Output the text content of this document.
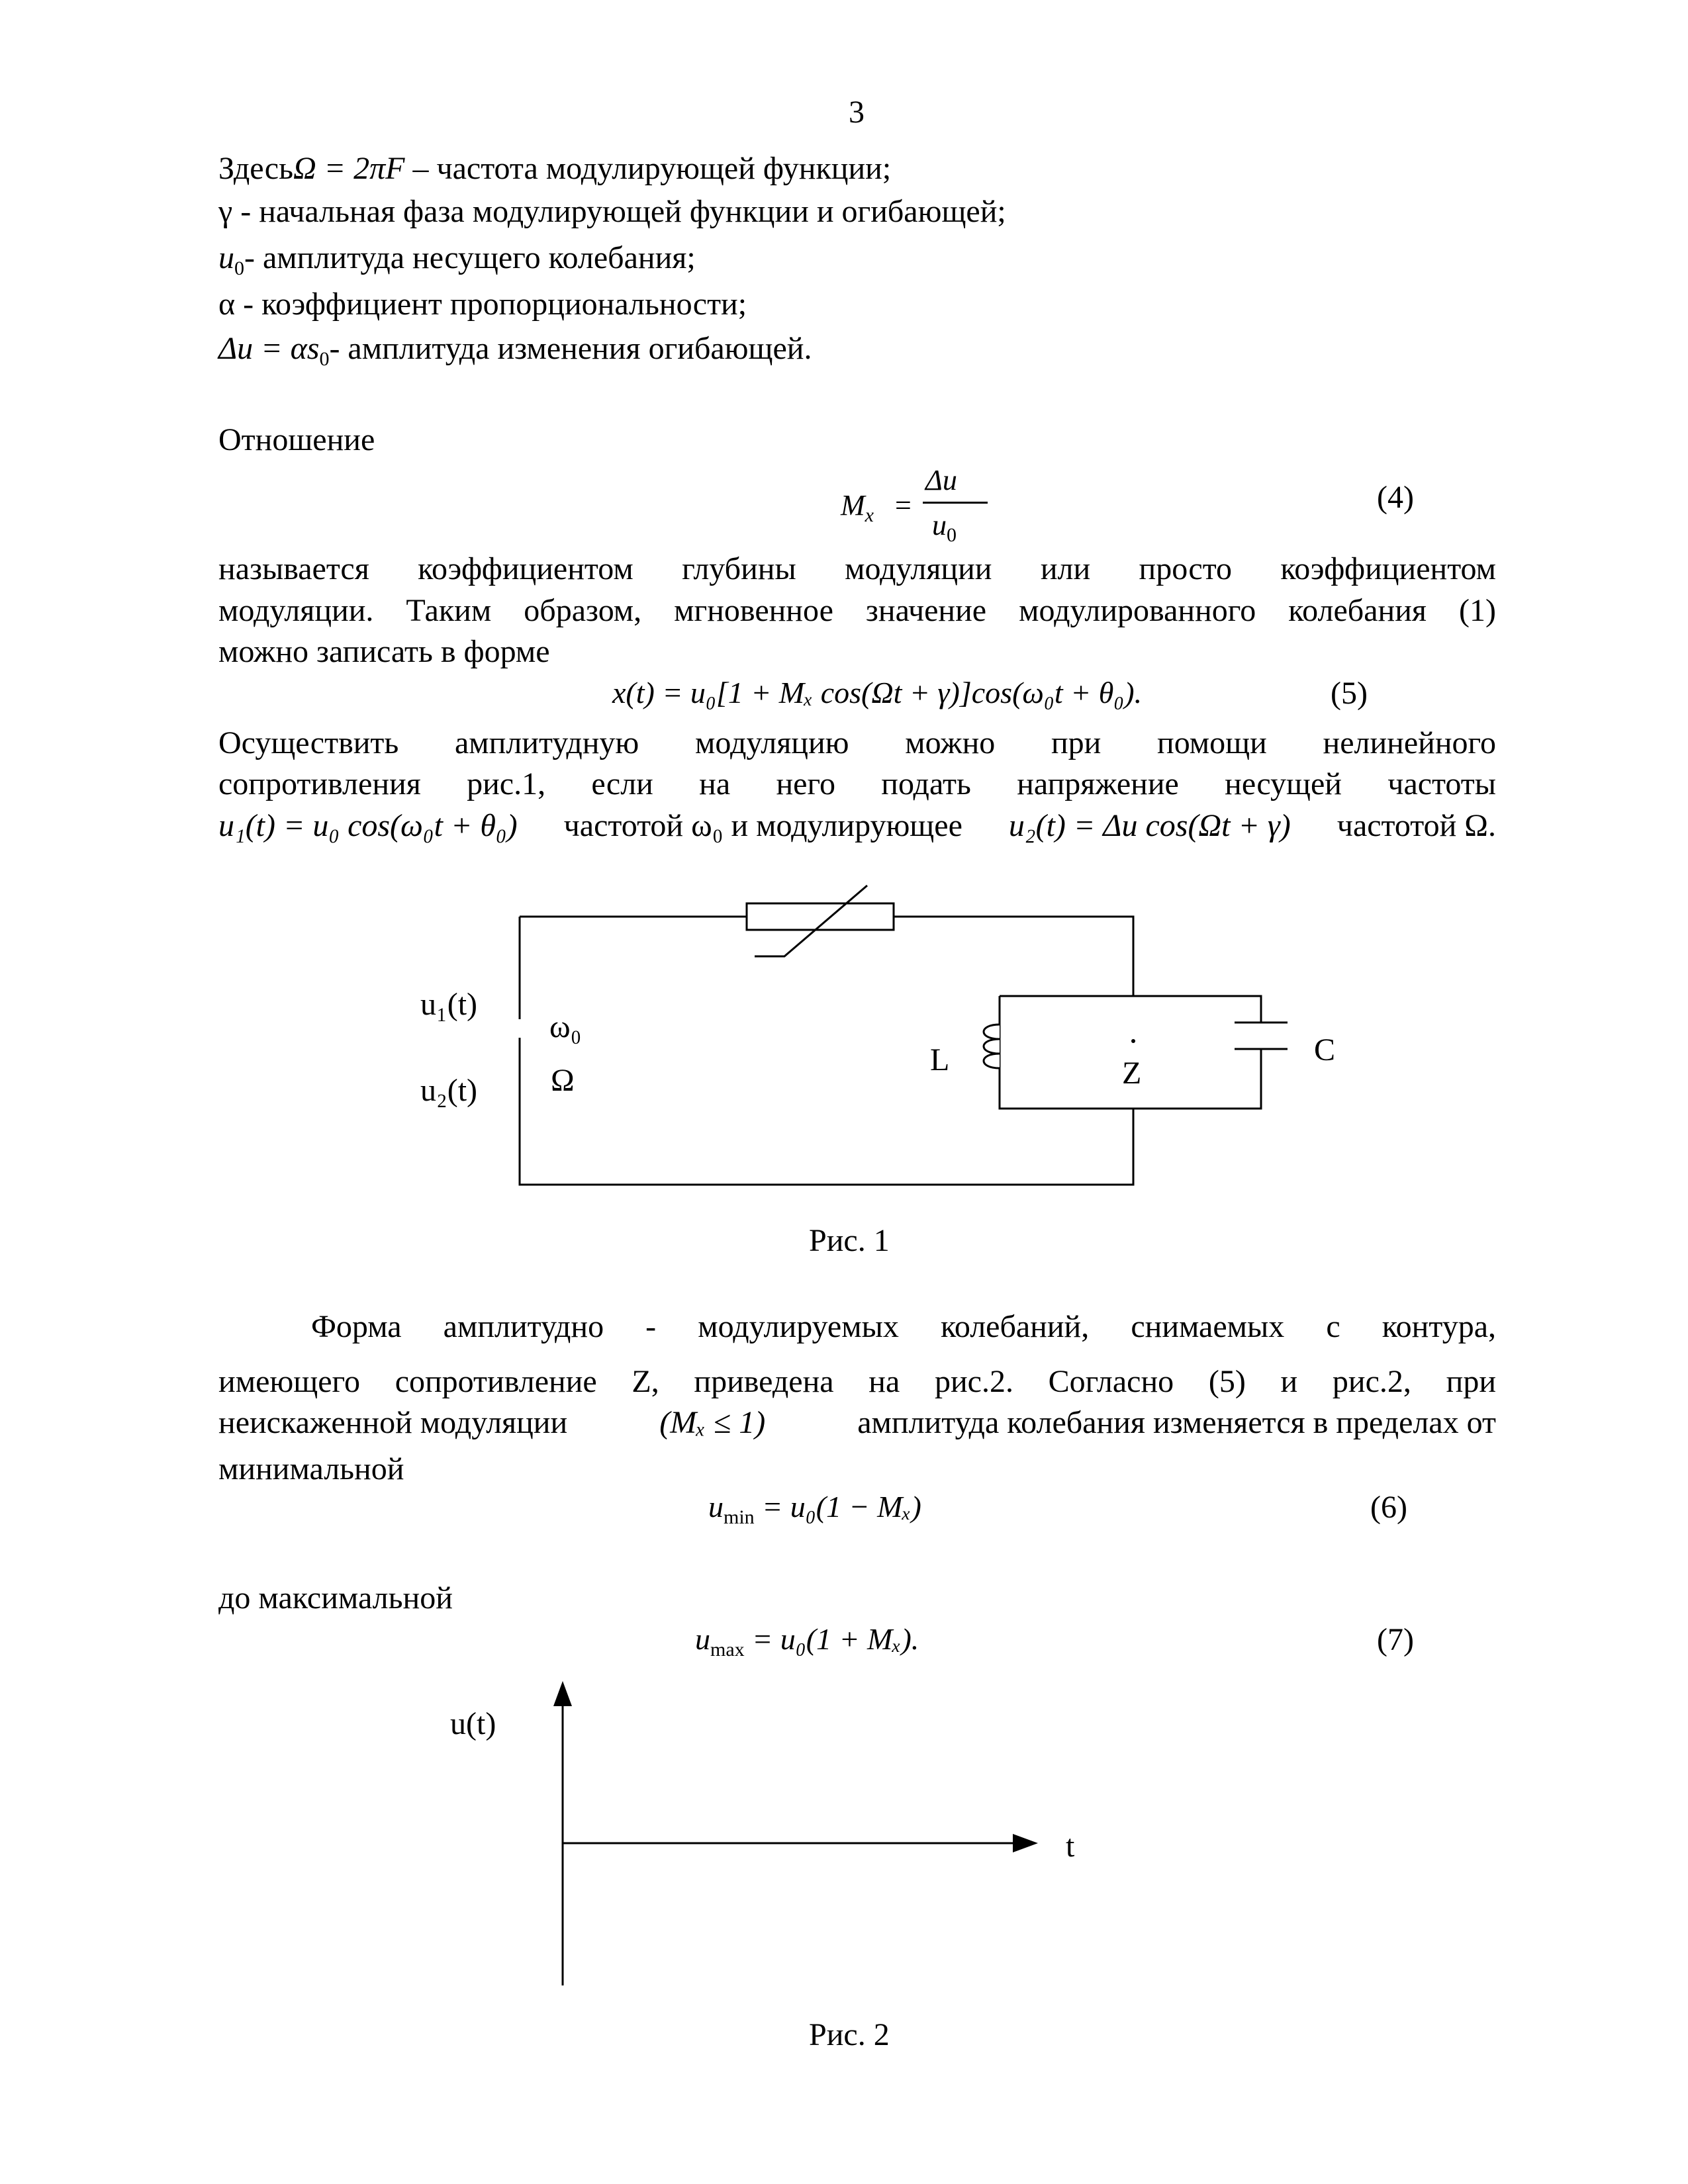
3
ЗдесьΩ = 2πF – частота модулирующей функции;
γ - начальная фаза модулирующей функции и огибающей;
$u_0-$ амплитуда несущего колебания;
α - коэффициент пропорциональности;
$\Delta u = \alpha s_0-$ амплитуда изменения огибающей.
Отношение
$M_x$ =
Δu
$u_0$
(4)
называется коэффициентом глубины модуляции или просто коэффициентом
модуляции. Таким образом, мгновенное значение модулированного колебания (1)
можно записать в форме
x(t) = u₀[1 + Mₓ cos(Ωt + γ)]cos(ω₀t + θ₀).	(5)
Осуществить амплитудную модуляцию можно при помощи нелинейного
сопротивления рис.1, если на него подать напряжение несущей частоты
u₁(t) = u₀ cos(ω₀t + θ₀) частотой ω₀ и модулирующее u₂(t) = Δu cos(Ωt + γ) частотой Ω.
u₁(t)
u₂(t)
ω₀
Ω
L	Z
C
Рис. 1
Форма амплитудно - модулируемых колебаний, снимаемых с контура,
имеющего сопротивление Z, приведена на рис.2. Согласно (5) и рис.2, при
неискаженной модуляции	(Mₓ ≤ 1)	амплитуда колебания изменяется в пределах от
минимальной
$u_{min} = u_0(1 - M_x)$	(6)
до максимальной
$u_{max} = u_0(1 + M_x)$.	(7)
u(t)
t
Рис. 2
